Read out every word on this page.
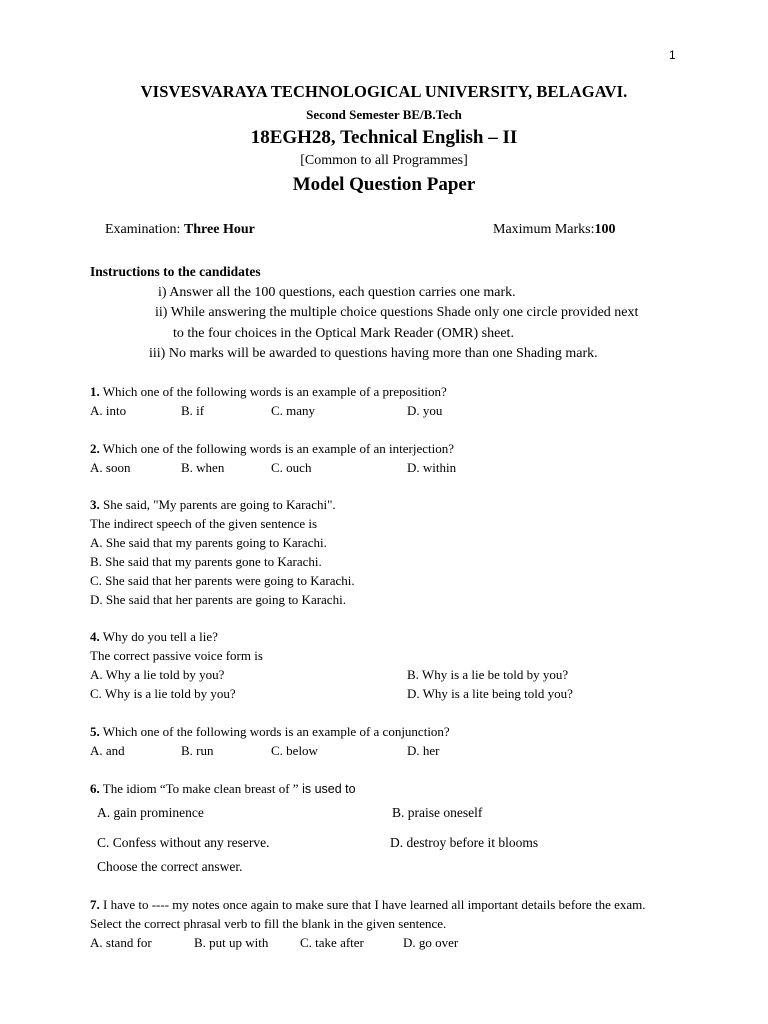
1
VISVESVARAYA TECHNOLOGICAL UNIVERSITY, BELAGAVI.
Second Semester BE/B.Tech
18EGH28, Technical English – II
[Common to all Programmes]
Model Question Paper
Examination: Three Hour	Maximum Marks:100
Instructions to the candidates
i) Answer all the 100 questions, each question carries one mark.
ii) While answering the multiple choice questions Shade only one circle provided next
to the four choices in the Optical Mark Reader (OMR) sheet.
iii) No marks will be awarded to questions having more than one Shading mark.
1. Which one of the following words is an example of a preposition?
A. into	B. if	C. many	D. you
2. Which one of the following words is an example of an interjection?
A. soon	B. when	C. ouch	D. within
3. She said, "My parents are going to Karachi".
The indirect speech of the given sentence is
A. She said that my parents going to Karachi.
B. She said that my parents gone to Karachi.
C. She said that her parents were going to Karachi.
D. She said that her parents are going to Karachi.
4. Why do you tell a lie?
The correct passive voice form is
A. Why a lie told by you?	B. Why is a lie be told by you?
C. Why is a lie told by you?	D. Why is a lite being told you?
5. Which one of the following words is an example of a conjunction?
A. and	B. run	C. below	D. her
6. The idiom “To make clean breast of ” is used to
A. gain prominence	B. praise oneself
C. Confess without any reserve.	D. destroy before it blooms
Choose the correct answer.
7. I have to ---- my notes once again to make sure that I have learned all important details before the exam.
Select the correct phrasal verb to fill the blank in the given sentence.
A. stand for	B. put up with C. take after	D. go over
